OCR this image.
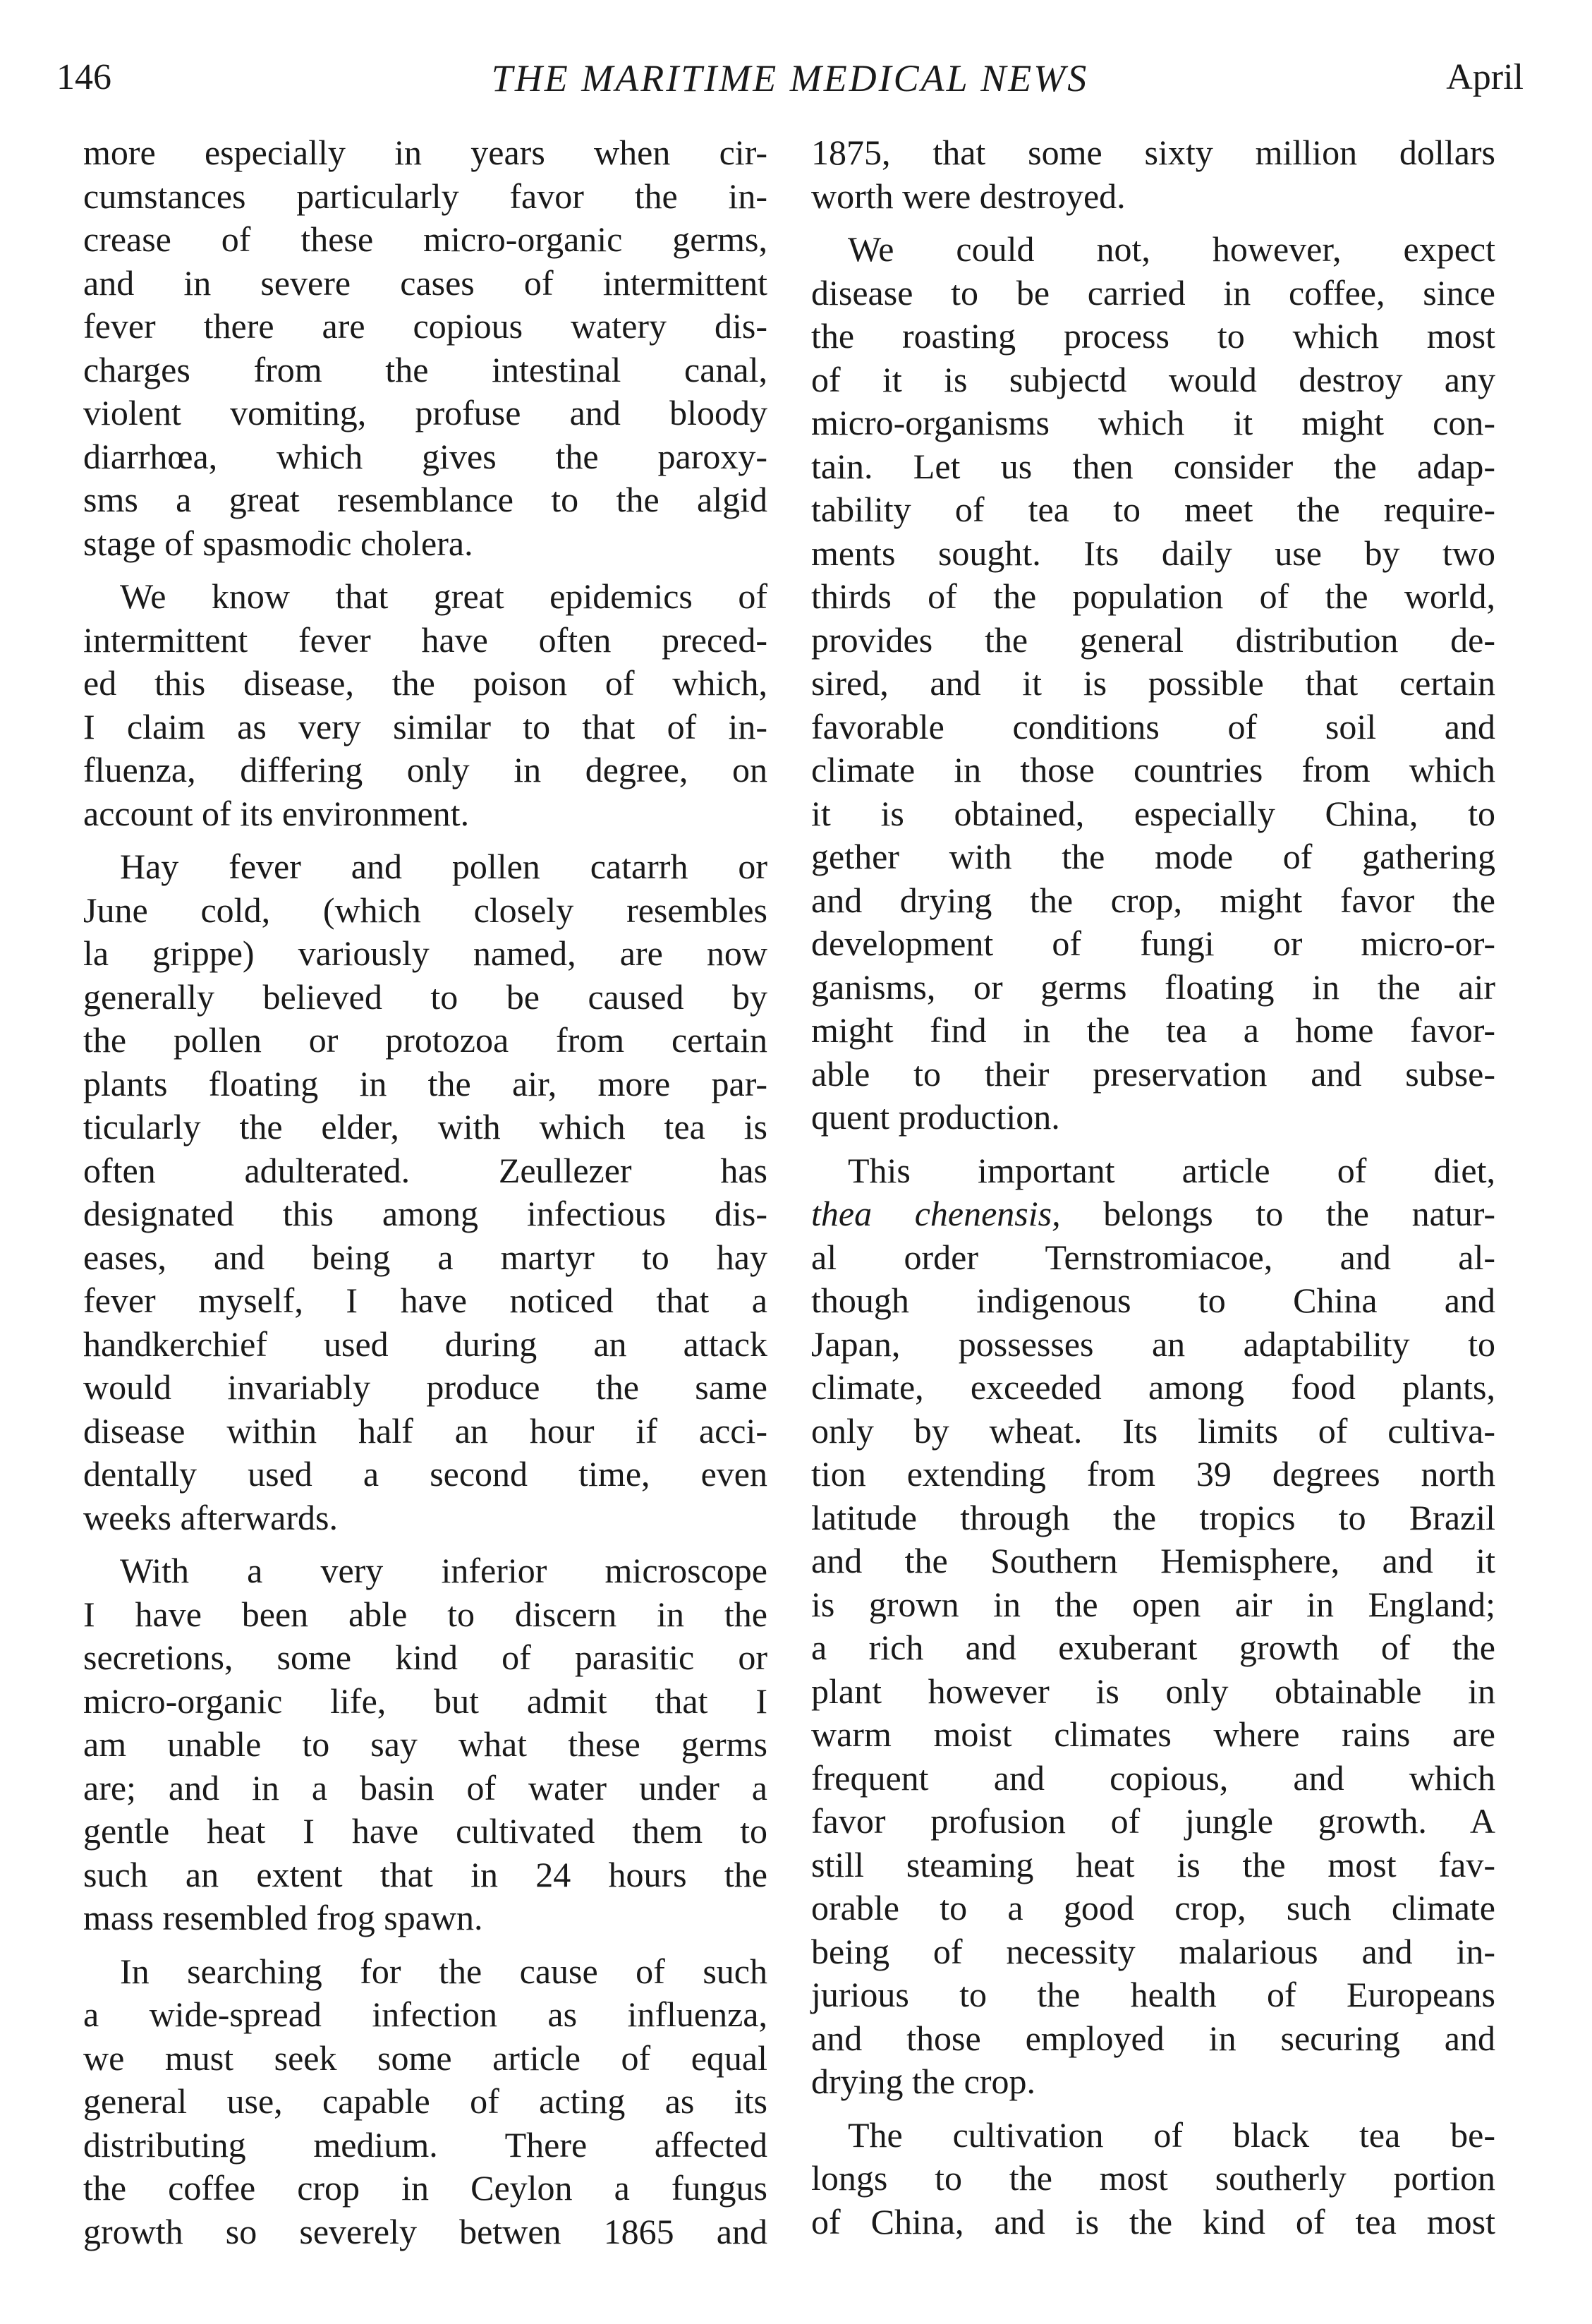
146	THE MARITIME MEDICAL NEWS	April
more especially in years when cir-
cumstances particularly favor the in-
crease of these micro-organic germs,
and in severe cases of intermittent
fever there are copious watery dis-
charges from the intestinal canal,
violent vomiting, profuse and bloody
diarrhœa, which gives the paroxy-
sms a great resemblance to the algid
stage of spasmodic cholera.
We know that great epidemics of
intermittent fever have often preced-
ed this disease, the poison of which,
I claim as very similar to that of in-
fluenza, differing only in degree, on
account of its environment.
Hay fever and pollen catarrh or
June cold, (which closely resembles
la grippe) variously named, are now
generally believed to be caused by
the pollen or protozoa from certain
plants floating in the air, more par-
ticularly the elder, with which tea is
often adulterated. Zeullezer has
designated this among infectious dis-
eases, and being a martyr to hay
fever myself, I have noticed that a
handkerchief used during an attack
would invariably produce the same
disease within half an hour if acci-
dentally used a second time, even
weeks afterwards.
With a very inferior microscope
I have been able to discern in the
secretions, some kind of parasitic or
micro-organic life, but admit that I
am unable to say what these germs
are; and in a basin of water under a
gentle heat I have cultivated them to
such an extent that in 24 hours the
mass resembled frog spawn.
In searching for the cause of such
a wide-spread infection as influenza,
we must seek some article of equal
general use, capable of acting as its
distributing medium. There affected
the coffee crop in Ceylon a fungus
growth so severely betwen 1865 and
1875, that some sixty million dollars
worth were destroyed.
We could not, however, expect
disease to be carried in coffee, since
the roasting process to which most
of it is subjectd would destroy any
micro-organisms which it might con-
tain. Let us then consider the adap-
tability of tea to meet the require-
ments sought. Its daily use by two
thirds of the population of the world,
provides the general distribution de-
sired, and it is possible that certain
favorable conditions of soil and
climate in those countries from which
it is obtained, especially China, to
gether with the mode of gathering
and drying the crop, might favor the
development of fungi or micro-or-
ganisms, or germs floating in the air
might find in the tea a home favor-
able to their preservation and subse-
quent production.
This important article of diet,
thea chenensis, belongs to the natur-
al order Ternstromiacoe, and al-
though indigenous to China and
Japan, possesses an adaptability to
climate, exceeded among food plants,
only by wheat. Its limits of cultiva-
tion extending from 39 degrees north
latitude through the tropics to Brazil
and the Southern Hemisphere, and it
is grown in the open air in England;
a rich and exuberant growth of the
plant however is only obtainable in
warm moist climates where rains are
frequent and copious, and which
favor profusion of jungle growth. A
still steaming heat is the most fav-
orable to a good crop, such climate
being of necessity malarious and in-
jurious to the health of Europeans
and those employed in securing and
drying the crop.
The cultivation of black tea be-
longs to the most southerly portion
of China, and is the kind of tea most
